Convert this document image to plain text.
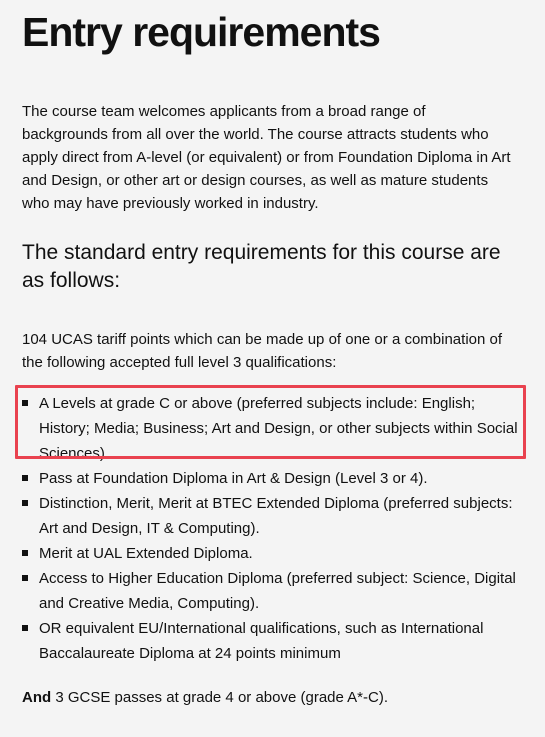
Entry requirements

The course team welcomes applicants from a broad range of backgrounds from all over the world. The course attracts students who apply direct from A-level (or equivalent) or from Foundation Diploma in Art and Design, or other art or design courses, as well as mature students who may have previously worked in industry.

The standard entry requirements for this course are as follows:

104 UCAS tariff points which can be made up of one or a combination of the following accepted full level 3 qualifications:

A Levels at grade C or above (preferred subjects include: English; History; Media; Business; Art and Design, or other subjects within Social Sciences).
Pass at Foundation Diploma in Art & Design (Level 3 or 4).
Distinction, Merit, Merit at BTEC Extended Diploma (preferred subjects: Art and Design, IT & Computing).
Merit at UAL Extended Diploma.
Access to Higher Education Diploma (preferred subject: Science, Digital and Creative Media, Computing).
OR equivalent EU/International qualifications, such as International Baccalaureate Diploma at 24 points minimum

And 3 GCSE passes at grade 4 or above (grade A*-C).
